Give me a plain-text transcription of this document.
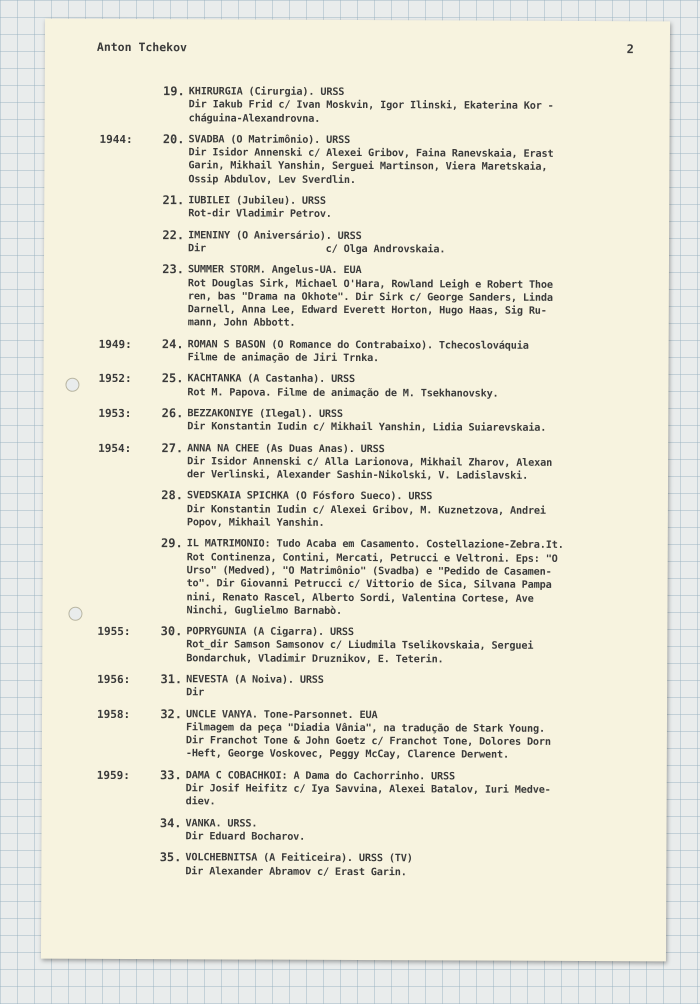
Anton Tchekov	2
19. KHIRURGIA (Cirurgia). URSS
Dir Iakub Frid c/ Ivan Moskvin, Igor Ilinski, Ekaterina Kor -
cháguina-Alexandrovna.
1944:	20. SVADBA (O Matrimônio). URSS
Dir Isidor Annenski c/ Alexei Gribov, Faina Ranevskaia, Erast
Garin, Mikhail Yanshin, Serguei Martinson, Viera Maretskaia,
Ossip Abdulov, Lev Sverdlin.
21. IUBILEI (Jubileu). URSS
Rot-dir Vladimir Petrov.
22. IMENINY (O Aniversário). URSS
Dir                    c/ Olga Androvskaia.
23. SUMMER STORM. Angelus-UA. EUA
Rot Douglas Sirk, Michael O'Hara, Rowland Leigh e Robert Thoe
ren, bas "Drama na Okhote". Dir Sirk c/ George Sanders, Linda
Darnell, Anna Lee, Edward Everett Horton, Hugo Haas, Sig Ru-
mann, John Abbott.
1949:	24. ROMAN S BASON (O Romance do Contrabaixo). Tchecoslováquia
Filme de animação de Jiri Trnka.
1952:	25. KACHTANKA (A Castanha). URSS
Rot M. Papova. Filme de animação de M. Tsekhanovsky.
1953:	26. BEZZAKONIYE (Ilegal). URSS
Dir Konstantin Iudin c/ Mikhail Yanshin, Lidia Suiarevskaia.
1954:	27. ANNA NA CHEE (As Duas Anas). URSS
Dir Isidor Annenski c/ Alla Larionova, Mikhail Zharov, Alexan
der Verlinski, Alexander Sashin-Nikolski, V. Ladislavski.
28. SVEDSKAIA SPICHKA (O Fósforo Sueco). URSS
Dir Konstantin Iudin c/ Alexei Gribov, M. Kuznetzova, Andrei
Popov, Mikhail Yanshin.
29. IL MATRIMONIO: Tudo Acaba em Casamento. Costellazione-Zebra.It.
Rot Continenza, Contini, Mercati, Petrucci e Veltroni. Eps: "O
Urso" (Medved), "O Matrimônio" (Svadba) e "Pedido de Casamen-
to". Dir Giovanni Petrucci c/ Vittorio de Sica, Silvana Pampa
nini, Renato Rascel, Alberto Sordi, Valentina Cortese, Ave
Ninchi, Guglielmo Barnabò.
1955:	30. POPRYGUNIA (A Cigarra). URSS
Rot_dir Samson Samsonov c/ Liudmila Tselikovskaia, Serguei
Bondarchuk, Vladimir Druznikov, E. Teterin.
1956:	31. NEVESTA (A Noiva). URSS
Dir
1958:	32. UNCLE VANYA. Tone-Parsonnet. EUA
Filmagem da peça "Diadia Vânia", na tradução de Stark Young.
Dir Franchot Tone & John Goetz c/ Franchot Tone, Dolores Dorn
-Heft, George Voskovec, Peggy McCay, Clarence Derwent.
1959:	33. DAMA C COBACHKOI: A Dama do Cachorrinho. URSS
Dir Josif Heifitz c/ Iya Savvina, Alexei Batalov, Iuri Medve-
diev.
34. VANKA. URSS.
Dir Eduard Bocharov.
35. VOLCHEBNITSA (A Feiticeira). URSS (TV)
Dir Alexander Abramov c/ Erast Garin.
